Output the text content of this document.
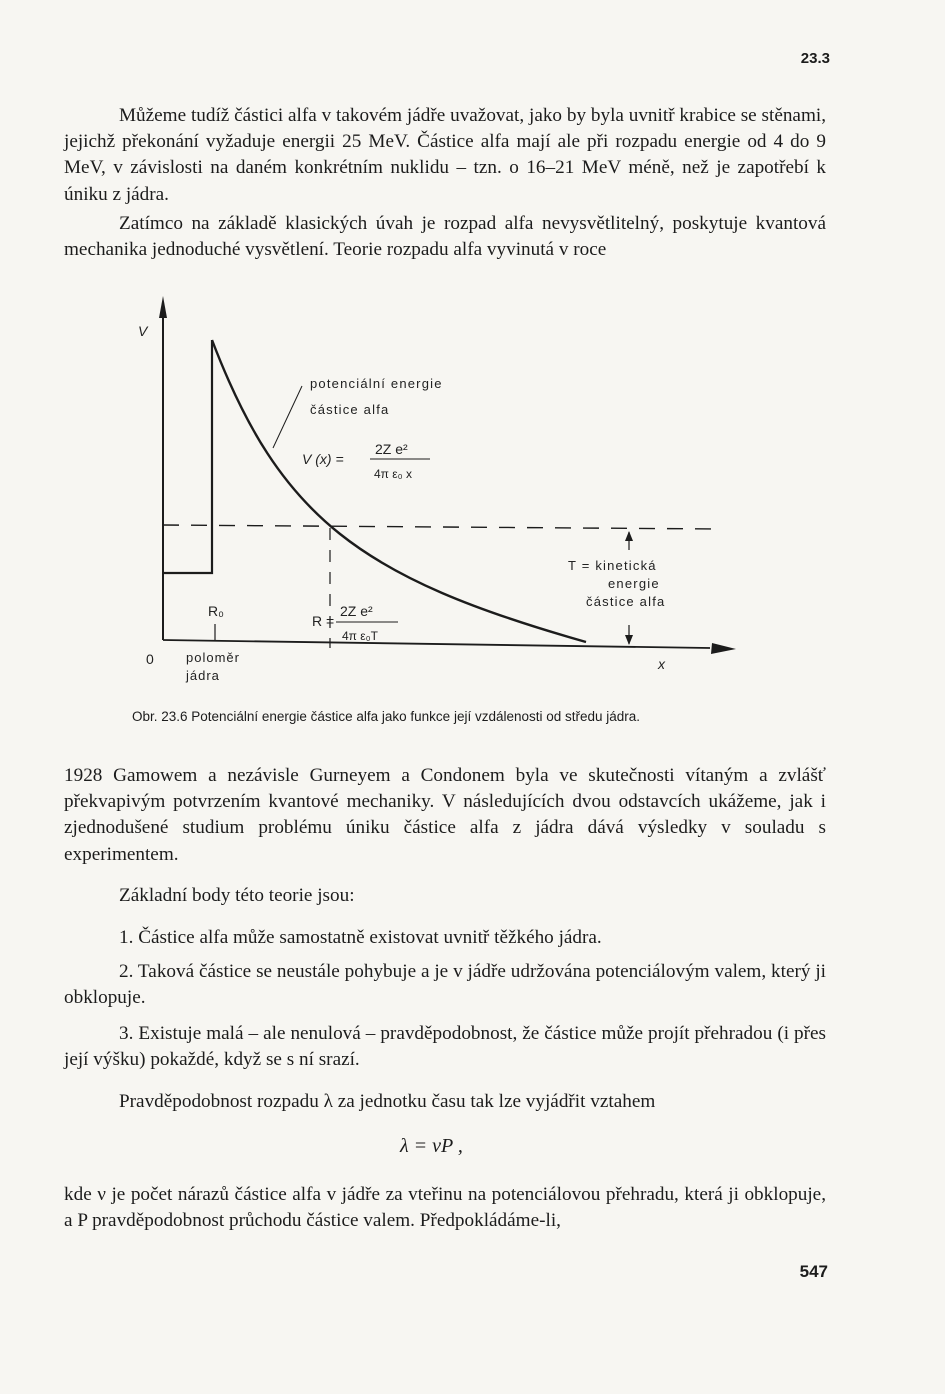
23.3

Můžeme tudíž částici alfa v takovém jádře uvažovat, jako by byla uvnitř krabice se stěnami, jejichž překonání vyžaduje energii 25 MeV. Částice alfa mají ale při rozpadu energie od 4 do 9 MeV, v závislosti na daném konkrétním nuklidu – tzn. o 16–21 MeV méně, než je zapotřebí k úniku z jádra.

Zatímco na základě klasických úvah je rozpad alfa nevysvětlitelný, poskytuje kvantová mechanika jednoduché vysvětlení. Teorie rozpadu alfa vyvinutá v roce

V
0	x
potenciální energie
částice alfa
V (x) =
2Z e²
4π ε₀ x
R₀
poloměr
jádra
R =
2Z e²
4π ε₀T
T = kinetická
energie
částice alfa
Obr. 23.6 Potenciální energie částice alfa jako funkce její vzdálenosti od středu jádra.

1928 Gamowem a nezávisle Gurneyem a Condonem byla ve skutečnosti vítaným a zvlášť překvapivým potvrzením kvantové mechaniky. V následujících dvou odstavcích ukážeme, jak i zjednodušené studium problému úniku částice alfa z jádra dává výsledky v souladu s experimentem.

Základní body této teorie jsou:

1. Částice alfa může samostatně existovat uvnitř těžkého jádra.

2. Taková částice se neustále pohybuje a je v jádře udržována potenciálovým valem, který ji obklopuje.

3. Existuje malá – ale nenulová – pravděpodobnost, že částice může projít přehradou (i přes její výšku) pokaždé, když se s ní srazí.

Pravděpodobnost rozpadu λ za jednotku času tak lze vyjádřit vztahem

λ = νP ,

kde ν je počet nárazů částice alfa v jádře za vteřinu na potenciálovou přehradu, která ji obklopuje, a P pravděpodobnost průchodu částice valem. Předpokládáme-li,

547
